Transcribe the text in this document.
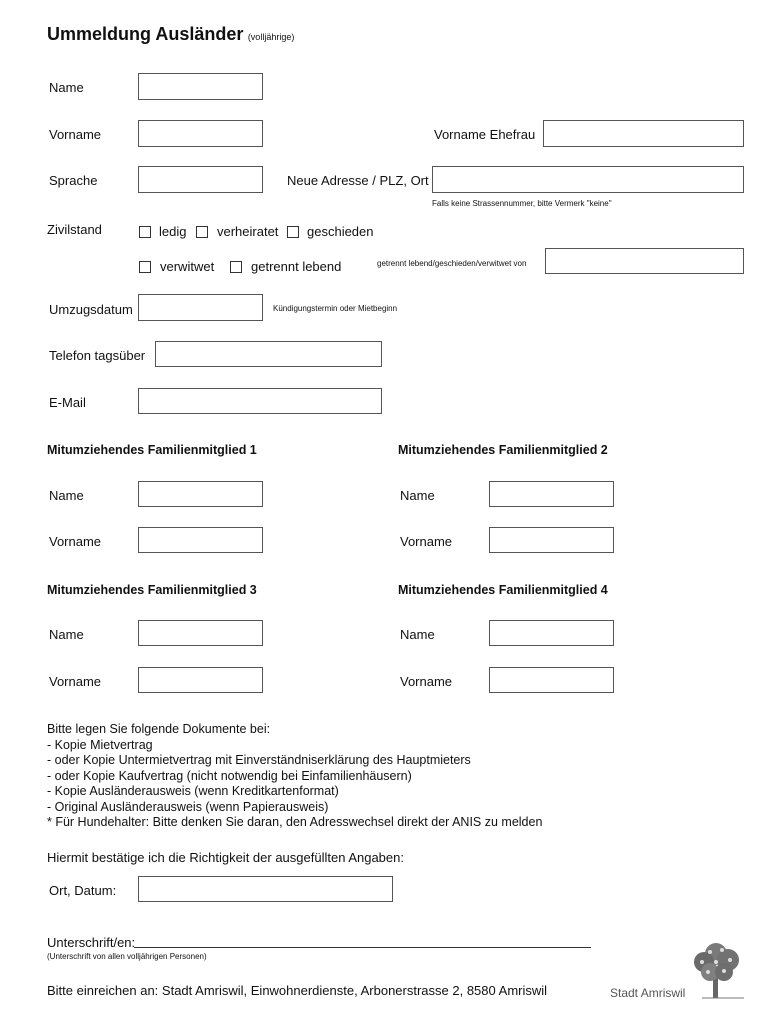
Ummeldung Ausländer (volljährige)
Name
Vorname	Vorname Ehefrau
Sprache	Neue Adresse / PLZ, Ort
Falls keine Strassennummer, bitte Vermerk "keine"
Zivilstand	ledig verheiratet geschieden
verwitwet	getrennt lebend	getrennt lebend/geschieden/verwitwet von
Umzugsdatum	Kündigungstermin oder Mietbeginn
Telefon tagsüber
E-Mail
Mitumziehendes Familienmitglied 1	Mitumziehendes Familienmitglied 2
Name	Name
Vorname	Vorname
Mitumziehendes Familienmitglied 3	Mitumziehendes Familienmitglied 4
Name	Name
Vorname	Vorname
Bitte legen Sie folgende Dokumente bei:
- Kopie Mietvertrag
- oder Kopie Untermietvertrag mit Einverständniserklärung des Hauptmieters
- oder Kopie Kaufvertrag (nicht notwendig bei Einfamilienhäusern)
- Kopie Ausländerausweis (wenn Kreditkartenformat)
- Original Ausländerausweis (wenn Papierausweis)
* Für Hundehalter: Bitte denken Sie daran, den Adresswechsel direkt der ANIS zu melden
Hiermit bestätige ich die Richtigkeit der ausgefüllten Angaben:
Ort, Datum:
Unterschrift/en:
(Unterschrift von allen volljährigen Personen)
Bitte einreichen an: Stadt Amriswil, Einwohnerdienste, Arbonerstrasse 2, 8580 Amriswil	Stadt Amriswil
